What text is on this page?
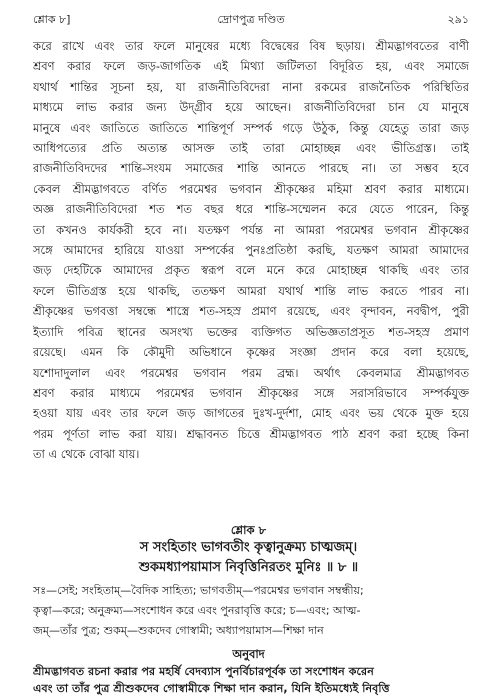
শ্লোক ৮]	দ্রোণপুত্র দণ্ডিত	২৯১
করে রাখে এবং তার ফলে মানুষের মধ্যে বিদ্বেষের বিষ ছড়ায়। শ্রীমদ্ভাগবতের বাণী
শ্রবণ করার ফলে জড়-জাগতিক এই মিথ্যা জটিলতা বিদূরিত হয়, এবং সমাজে
যথার্থ শান্তির সূচনা হয়, যা রাজনীতিবিদেরা নানা রকমের রাজনৈতিক পরিস্থিতির
মাধ্যমে লাভ করার জন্য উদ্গ্রীব হয়ে আছেন। রাজনীতিবিদেরা চান যে মানুষে
মানুষে এবং জাতিতে জাতিতে শান্তিপূর্ণ সম্পর্ক গড়ে উঠুক, কিন্তু যেহেতু তারা জড়
আধিপত্যের প্রতি অত্যন্ত আসক্ত তাই তারা মোহাচ্ছন্ন এবং ভীতিগ্রস্ত। তাই
রাজনীতিবিদদের শান্তি-সংযম সমাজের শান্তি আনতে পারছে না। তা সম্ভব হবে
কেবল শ্রীমদ্ভাগবতে বর্ণিত পরমেশ্বর ভগবান শ্রীকৃষ্ণের মহিমা শ্রবণ করার মাধ্যমে।
অজ্ঞ রাজনীতিবিদেরা শত শত বছর ধরে শান্তি-সম্মেলন করে যেতে পারেন, কিন্তু
তা কখনও কার্যকরী হবে না। যতক্ষণ পর্যন্ত না আমরা পরমেশ্বর ভগবান শ্রীকৃষ্ণের
সঙ্গে আমাদের হারিয়ে যাওয়া সম্পর্কের পুনঃপ্রতিষ্ঠা করছি, যতক্ষণ আমরা আমাদের
জড় দেহটিকে আমাদের প্রকৃত স্বরূপ বলে মনে করে মোহাচ্ছন্ন থাকছি এবং তার
ফলে ভীতিগ্রস্ত হয়ে থাকছি, ততক্ষণ আমরা যথার্থ শান্তি লাভ করতে পারব না।
শ্রীকৃষ্ণের ভগবত্তা সম্বন্ধে শাস্ত্রে শত-সহস্র প্রমাণ রয়েছে, এবং বৃন্দাবন, নবদ্বীপ, পুরী
ইত্যাদি পবিত্র স্থানের অসংখ্য ভক্তের ব্যক্তিগত অভিজ্ঞতাপ্রসূত শত-সহস্র প্রমাণ
রয়েছে। এমন কি কৌমুদী অভিধানে কৃষ্ণের সংজ্ঞা প্রদান করে বলা হয়েছে,
যশোদাদুলাল এবং পরমেশ্বর ভগবান পরম ব্রহ্ম। অর্থাৎ কেবলমাত্র শ্রীমদ্ভাগবত
শ্রবণ করার মাধ্যমে পরমেশ্বর ভগবান শ্রীকৃষ্ণের সঙ্গে সরাসরিভাবে সম্পর্কযুক্ত
হওয়া যায় এবং তার ফলে জড় জাগতের দুঃখ-দুর্দশা, মোহ এবং ভয় থেকে মুক্ত হয়ে
পরম পূর্ণতা লাভ করা যায়। শ্রদ্ধাবনত চিত্তে শ্রীমদ্ভাগবত পাঠ শ্রবণ করা হচ্ছে কিনা
তা এ থেকে বোঝা যায়।
শ্লোক ৮
স সংহিতাং ভাগবতীং কৃত্বানুক্রম্য চাত্মজম্।
শুকমধ্যাপয়ামাস নিবৃত্তিনিরতং মুনিঃ ॥ ৮ ॥
সঃ—সেই; সংহিতাম্—বৈদিক সাহিত্য; ভাগবতীম্—পরমেশ্বর ভগবান সম্বন্ধীয়;
কৃত্বা—করে; অনুক্রম্য—সংশোধন করে এবং পুনরাবৃত্তি করে; চ—এবং; আত্ম-
জম্—তাঁর পুত্র; শুকম্—শুকদেব গোস্বামী; অধ্যাপয়ামাস—শিক্ষা দান
অনুবাদ
শ্রীমদ্ভাগবত রচনা করার পর মহর্ষি বেদব্যাস পুনর্বিচারপূর্বক তা সংশোধন করেন
এবং তা তাঁর পুত্র শ্রীশুকদেব গোস্বামীকে শিক্ষা দান করান, যিনি ইতিমধ্যেই নিবৃত্তি
